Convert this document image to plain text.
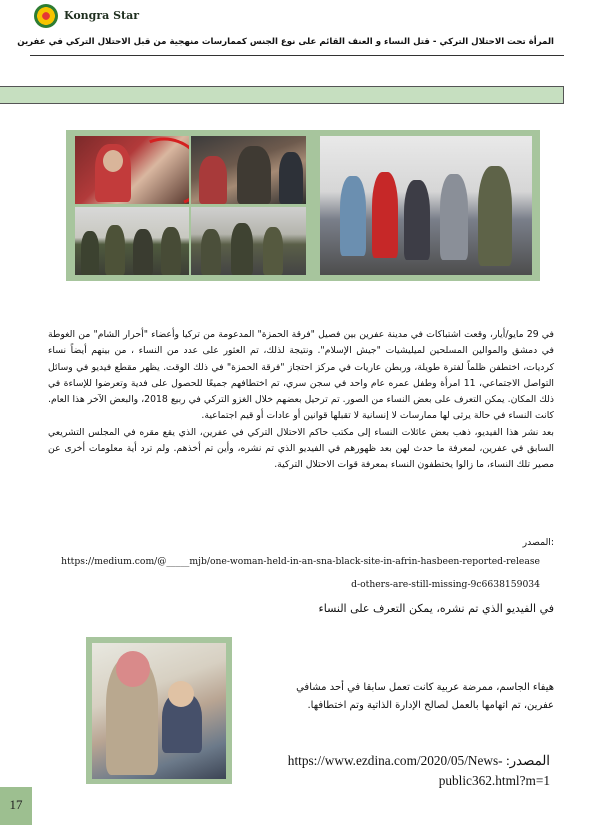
Kongra Star
المرأة تحت الاحتلال التركي - قتل النساء و العنف القائم على نوع الجنس كممارسات منهجية من قبل الاحتلال التركي في عفرين

في 29 مايو/أيار، وقعت اشتباكات في مدينة عفرين بين فصيل "فرقة الحمزة" المدعومة من تركيا وأعضاء "أحرار الشام" من الغوطة في دمشق والموالين المسلحين لميليشيات "جيش الإسلام". ونتيجة لذلك، تم العثور على عدد من النساء ، من بينهم أيضاً نساء كرديات، اختطفن ظلماً لفترة طويلة، وربطن عاريات في مركز احتجاز "فرقة الحمزة" في ذلك الوقت. يظهر مقطع فيديو في وسائل التواصل الاجتماعي، 11 امرأة وطفل عمره عام واحد في سجن سري، تم اختطافهم جميعًا للحصول على فدية وتعرضوا للإساءة في ذلك المكان. يمكن التعرف على بعض النساء من الصور. تم ترحيل بعضهم خلال الغزو التركي في ربيع 2018، والبعض الآخر هذا العام. كانت النساء في حالة يرثى لها ممارسات لا إنسانية لا تقبلها قوانين أو عادات أو قيم اجتماعية.

بعد نشر هذا الفيديو، ذهب بعض عائلات النساء إلى مكتب حاكم الاحتلال التركي في عفرين، الذي يقع مقره في المجلس التشريعي السابق في عفرين، لمعرفة ما حدث لهن بعد ظهورهم في الفيديو الذي تم نشره، وأين تم أخذهم. ولم ترد أية معلومات أخرى عن مصير تلك النساء، ما زالوا يختطفون النساء بمعرفة قوات الاحتلال التركية.

:المصدر
https://medium.com/@_____mjb/one-woman-held-in-an-sna-black-site-in-afrin-hasbeen-reported-released-others-are-still-missing-9c6638159034
في الفيديو الذي تم نشره، يمكن التعرف على النساء
هيفاء الجاسم، ممرضة عربية كانت تعمل سابقا في أحد مشافي عفرين، تم اتهامها بالعمل لصالح الإدارة الذاتية وتم اختطافها.
المصدر: https://www.ezdina.com/2020/05/News-public362.html?m=1
17
